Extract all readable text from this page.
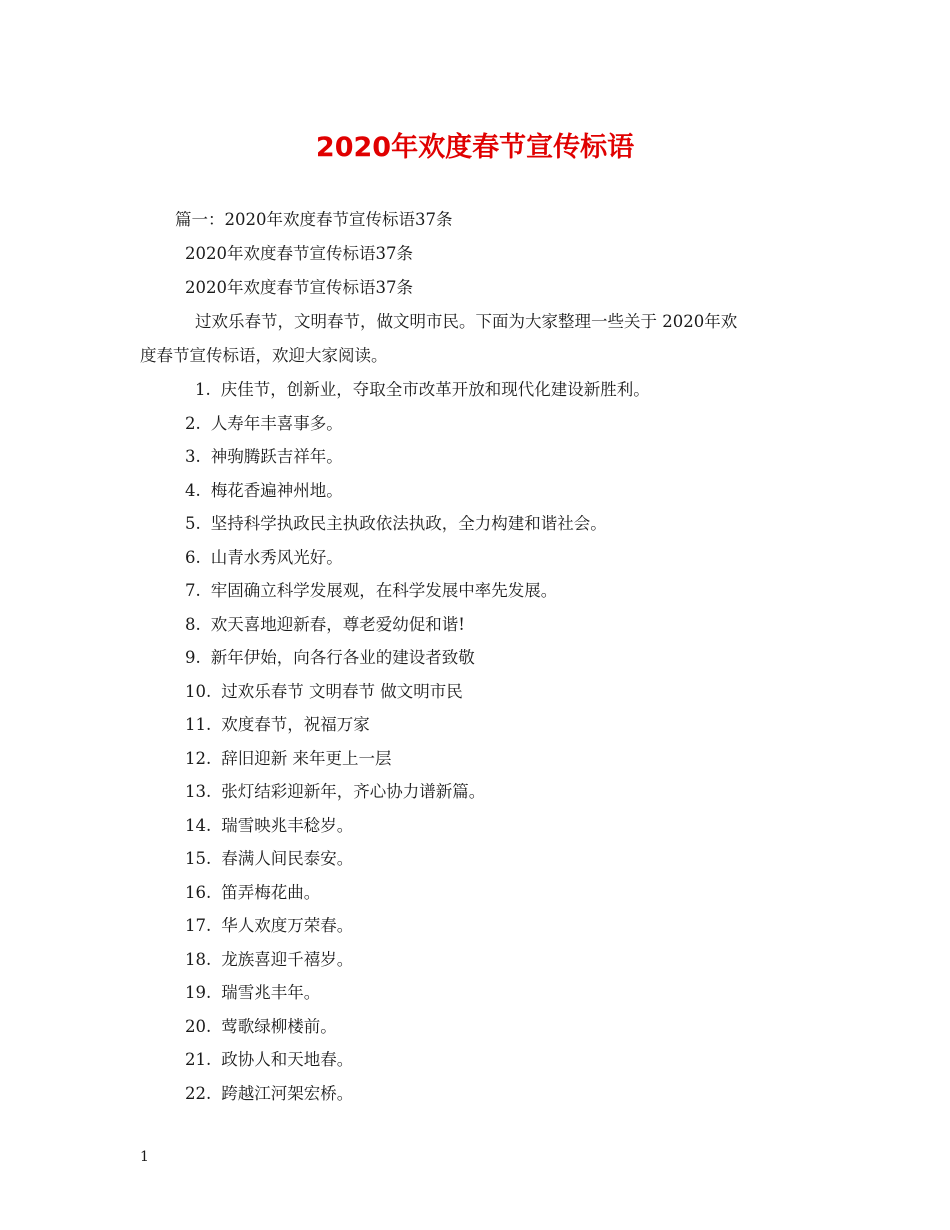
2020年欢度春节宣传标语
篇一：2020年欢度春节宣传标语37条
2020年欢度春节宣传标语37条
2020年欢度春节宣传标语37条
过欢乐春节，文明春节，做文明市民。下面为大家整理一些关于 2020年欢
度春节宣传标语，欢迎大家阅读。
1. 庆佳节，创新业，夺取全市改革开放和现代化建设新胜利。
2. 人寿年丰喜事多。
3. 神驹腾跃吉祥年。
4. 梅花香遍神州地。
5. 坚持科学执政民主执政依法执政，全力构建和谐社会。
6. 山青水秀风光好。
7. 牢固确立科学发展观，在科学发展中率先发展。
8. 欢天喜地迎新春，尊老爱幼促和谐!
9. 新年伊始，向各行各业的建设者致敬
10. 过欢乐春节 文明春节 做文明市民
11. 欢度春节，祝福万家
12. 辞旧迎新 来年更上一层
13. 张灯结彩迎新年，齐心协力谱新篇。
14. 瑞雪映兆丰稔岁。
15. 春满人间民泰安。
16. 笛弄梅花曲。
17. 华人欢度万荣春。
18. 龙族喜迎千禧岁。
19. 瑞雪兆丰年。
20. 莺歌绿柳楼前。
21. 政协人和天地春。
22. 跨越江河架宏桥。
1
